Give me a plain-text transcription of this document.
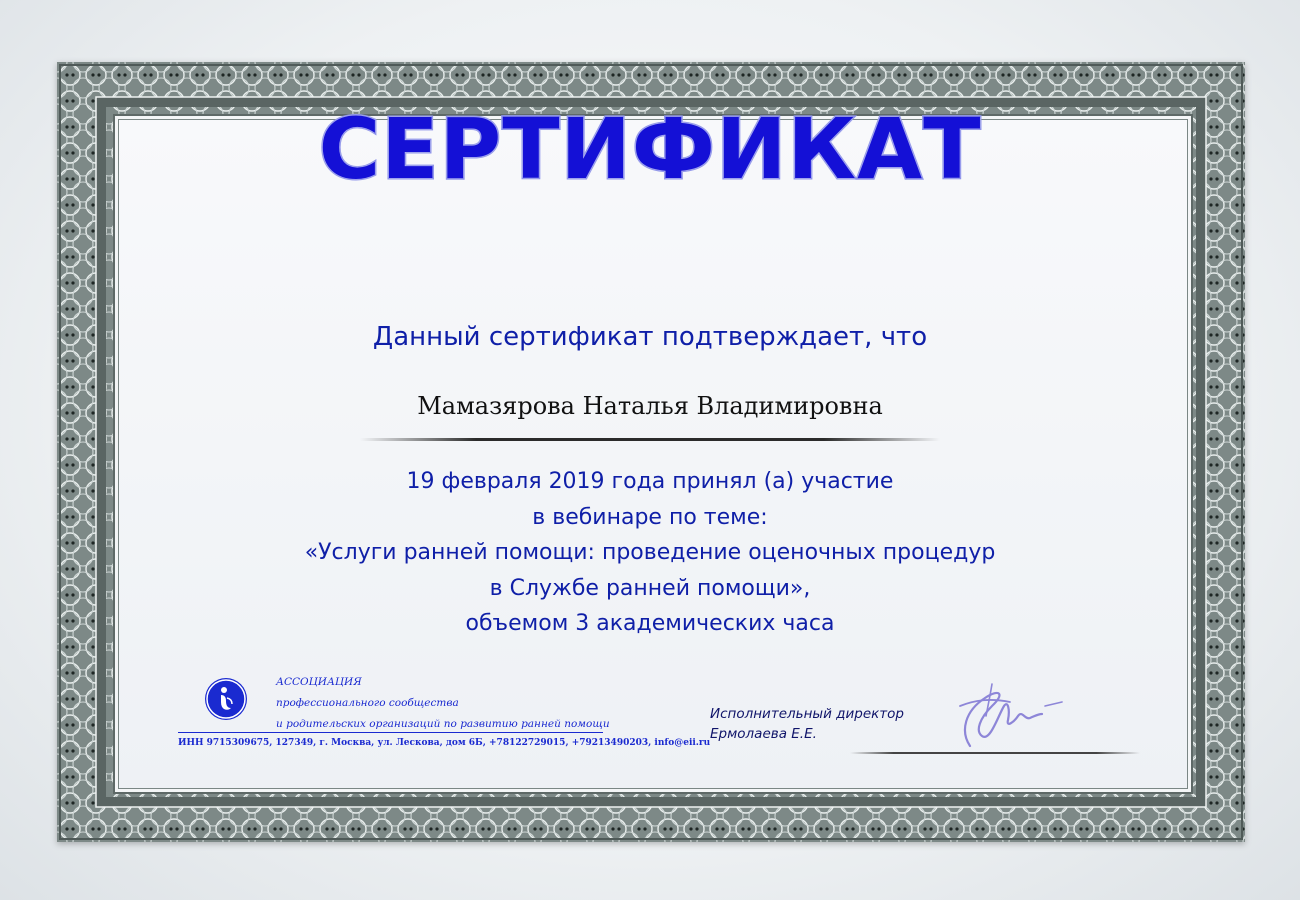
СЕРТИФИКАТ
Данный сертификат подтверждает, что
Мамазярова Наталья Владимировна
19 февраля 2019 года принял (а) участие
в вебинаре по теме:
«Услуги ранней помощи: проведение оценочных процедур
в Службе ранней помощи»,
объемом 3 академических часа
АССОЦИАЦИЯ
профессионального сообщества
и родительских организаций по развитию ранней помощи
ИНН 9715309675, 127349, г. Москва, ул. Лескова, дом 6Б, +78122729015, +79213490203, info@eii.ru
Исполнительный директор
Ермолаева Е.Е.
